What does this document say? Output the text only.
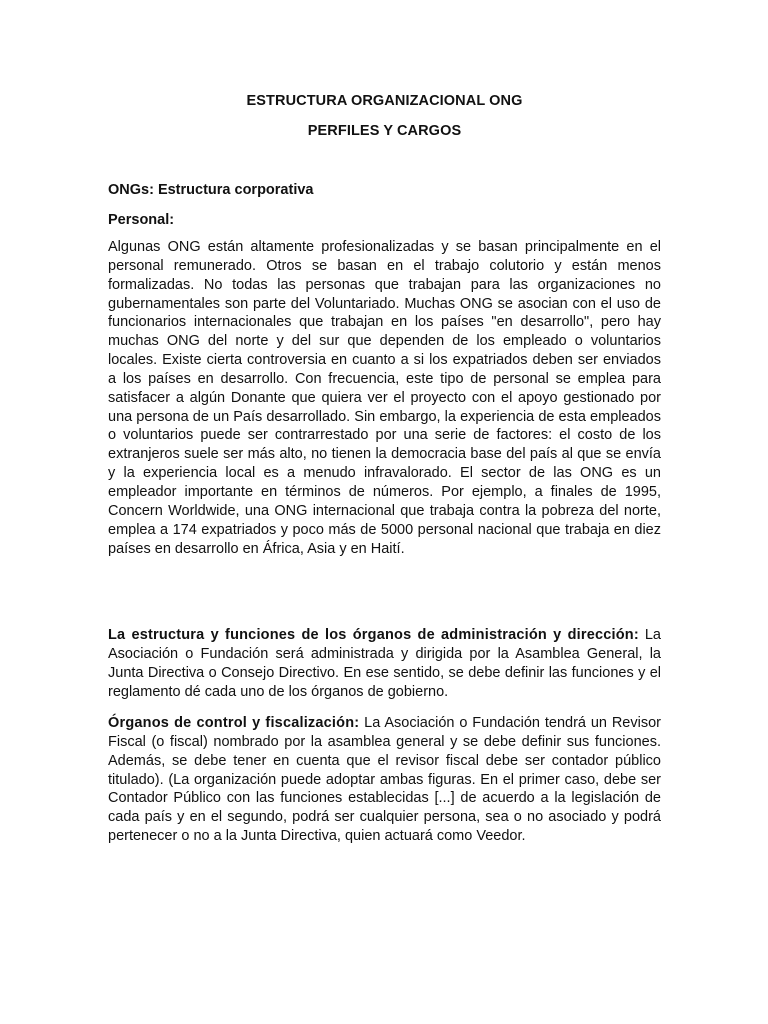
ESTRUCTURA ORGANIZACIONAL ONG
PERFILES Y CARGOS
ONGs: Estructura corporativa
Personal:

Algunas ONG están altamente profesionalizadas y se basan principalmente en el personal remunerado. Otros se basan en el trabajo colutorio y están menos formalizadas. No todas las personas que trabajan para las organizaciones no gubernamentales son parte del Voluntariado. Muchas ONG se asocian con el uso de funcionarios internacionales que trabajan en los países "en desarrollo", pero hay muchas ONG del norte y del sur que dependen de los empleado o voluntarios locales. Existe cierta controversia en cuanto a si los expatriados deben ser enviados a los países en desarrollo. Con frecuencia, este tipo de personal se emplea para satisfacer a algún Donante que quiera ver el proyecto con el apoyo gestionado por una persona de un País desarrollado. Sin embargo, la experiencia de esta empleados o voluntarios puede ser contrarrestado por una serie de factores: el costo de los extranjeros suele ser más alto, no tienen la democracia base del país al que se envía y la experiencia local es a menudo infravalorado. El sector de las ONG es un empleador importante en términos de números. Por ejemplo, a finales de 1995, Concern Worldwide, una ONG internacional que trabaja contra la pobreza del norte, emplea a 174 expatriados y poco más de 5000 personal nacional que trabaja en diez países en desarrollo en África, Asia y en Haití.

La estructura y funciones de los órganos de administración y dirección: La Asociación o Fundación será administrada y dirigida por la Asamblea General, la Junta Directiva o Consejo Directivo. En ese sentido, se debe definir las funciones y el reglamento dé cada uno de los órganos de gobierno.

Órganos de control y fiscalización: La Asociación o Fundación tendrá un Revisor Fiscal (o fiscal) nombrado por la asamblea general y se debe definir sus funciones. Además, se debe tener en cuenta que el revisor fiscal debe ser contador público titulado). (La organización puede adoptar ambas figuras. En el primer caso, debe ser Contador Público con las funciones establecidas [...] de acuerdo a la legislación de cada país y en el segundo, podrá ser cualquier persona, sea o no asociado y podrá pertenecer o no a la Junta Directiva, quien actuará como Veedor.
